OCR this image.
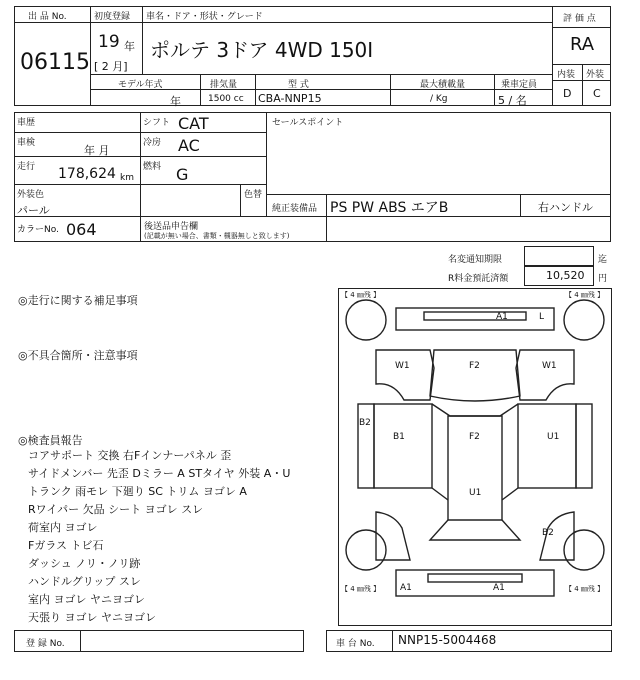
出 品 No.
06115
初度登録
19 年
[ 2 月]
車名・ドア・形状・グレード
ポルテ 3ドア 4WD 150I
評 価 点
RA
内装 外装
D C
モデル年式	排気量	型 式	最大積載量	乗車定員
年	1500 cc CBA-NNP15	/ Kg	5 / 名
車歴
車検
年 月
走行 178,624 km
外装色
パール
色替
カラーNo. 064
シフト CAT
冷房 AC
燃料 G
セールスポイント
純正装備品 PS PW ABS エアB	右ハンドル
後送品申告欄
(記載が無い場合、書類・槻器無しと致します)
名変通知期限	迄
R料金預託済額	10,520 円
◎走行に関する補足事項
◎不具合箇所・注意事項
◎検査員報告
コアサポート 交換 右Fインナーパネル 歪
サイドメンバー 先歪 Dミラー A STタイヤ 外装 A・U
トランク 雨モレ 下廻り SC トリム ヨゴレ A
Rワイパー 欠品 シート ヨゴレ スレ
荷室内 ヨゴレ
Fガラス トビ石
ダッシュ ノリ・ノリ跡
ハンドルグリップ スレ
室内 ヨゴレ ヤニヨゴレ
天張り ヨゴレ ヤニヨゴレ
【 4 ㎜残 】	【 4 ㎜残 】
【 4 ㎜残 】	【 4 ㎜残 】
A1	L
W1	W1
F2
B2
B1	F2	U1
U1
B2
A1	A1
登 録 No.	車 台 No. NNP15-5004468
